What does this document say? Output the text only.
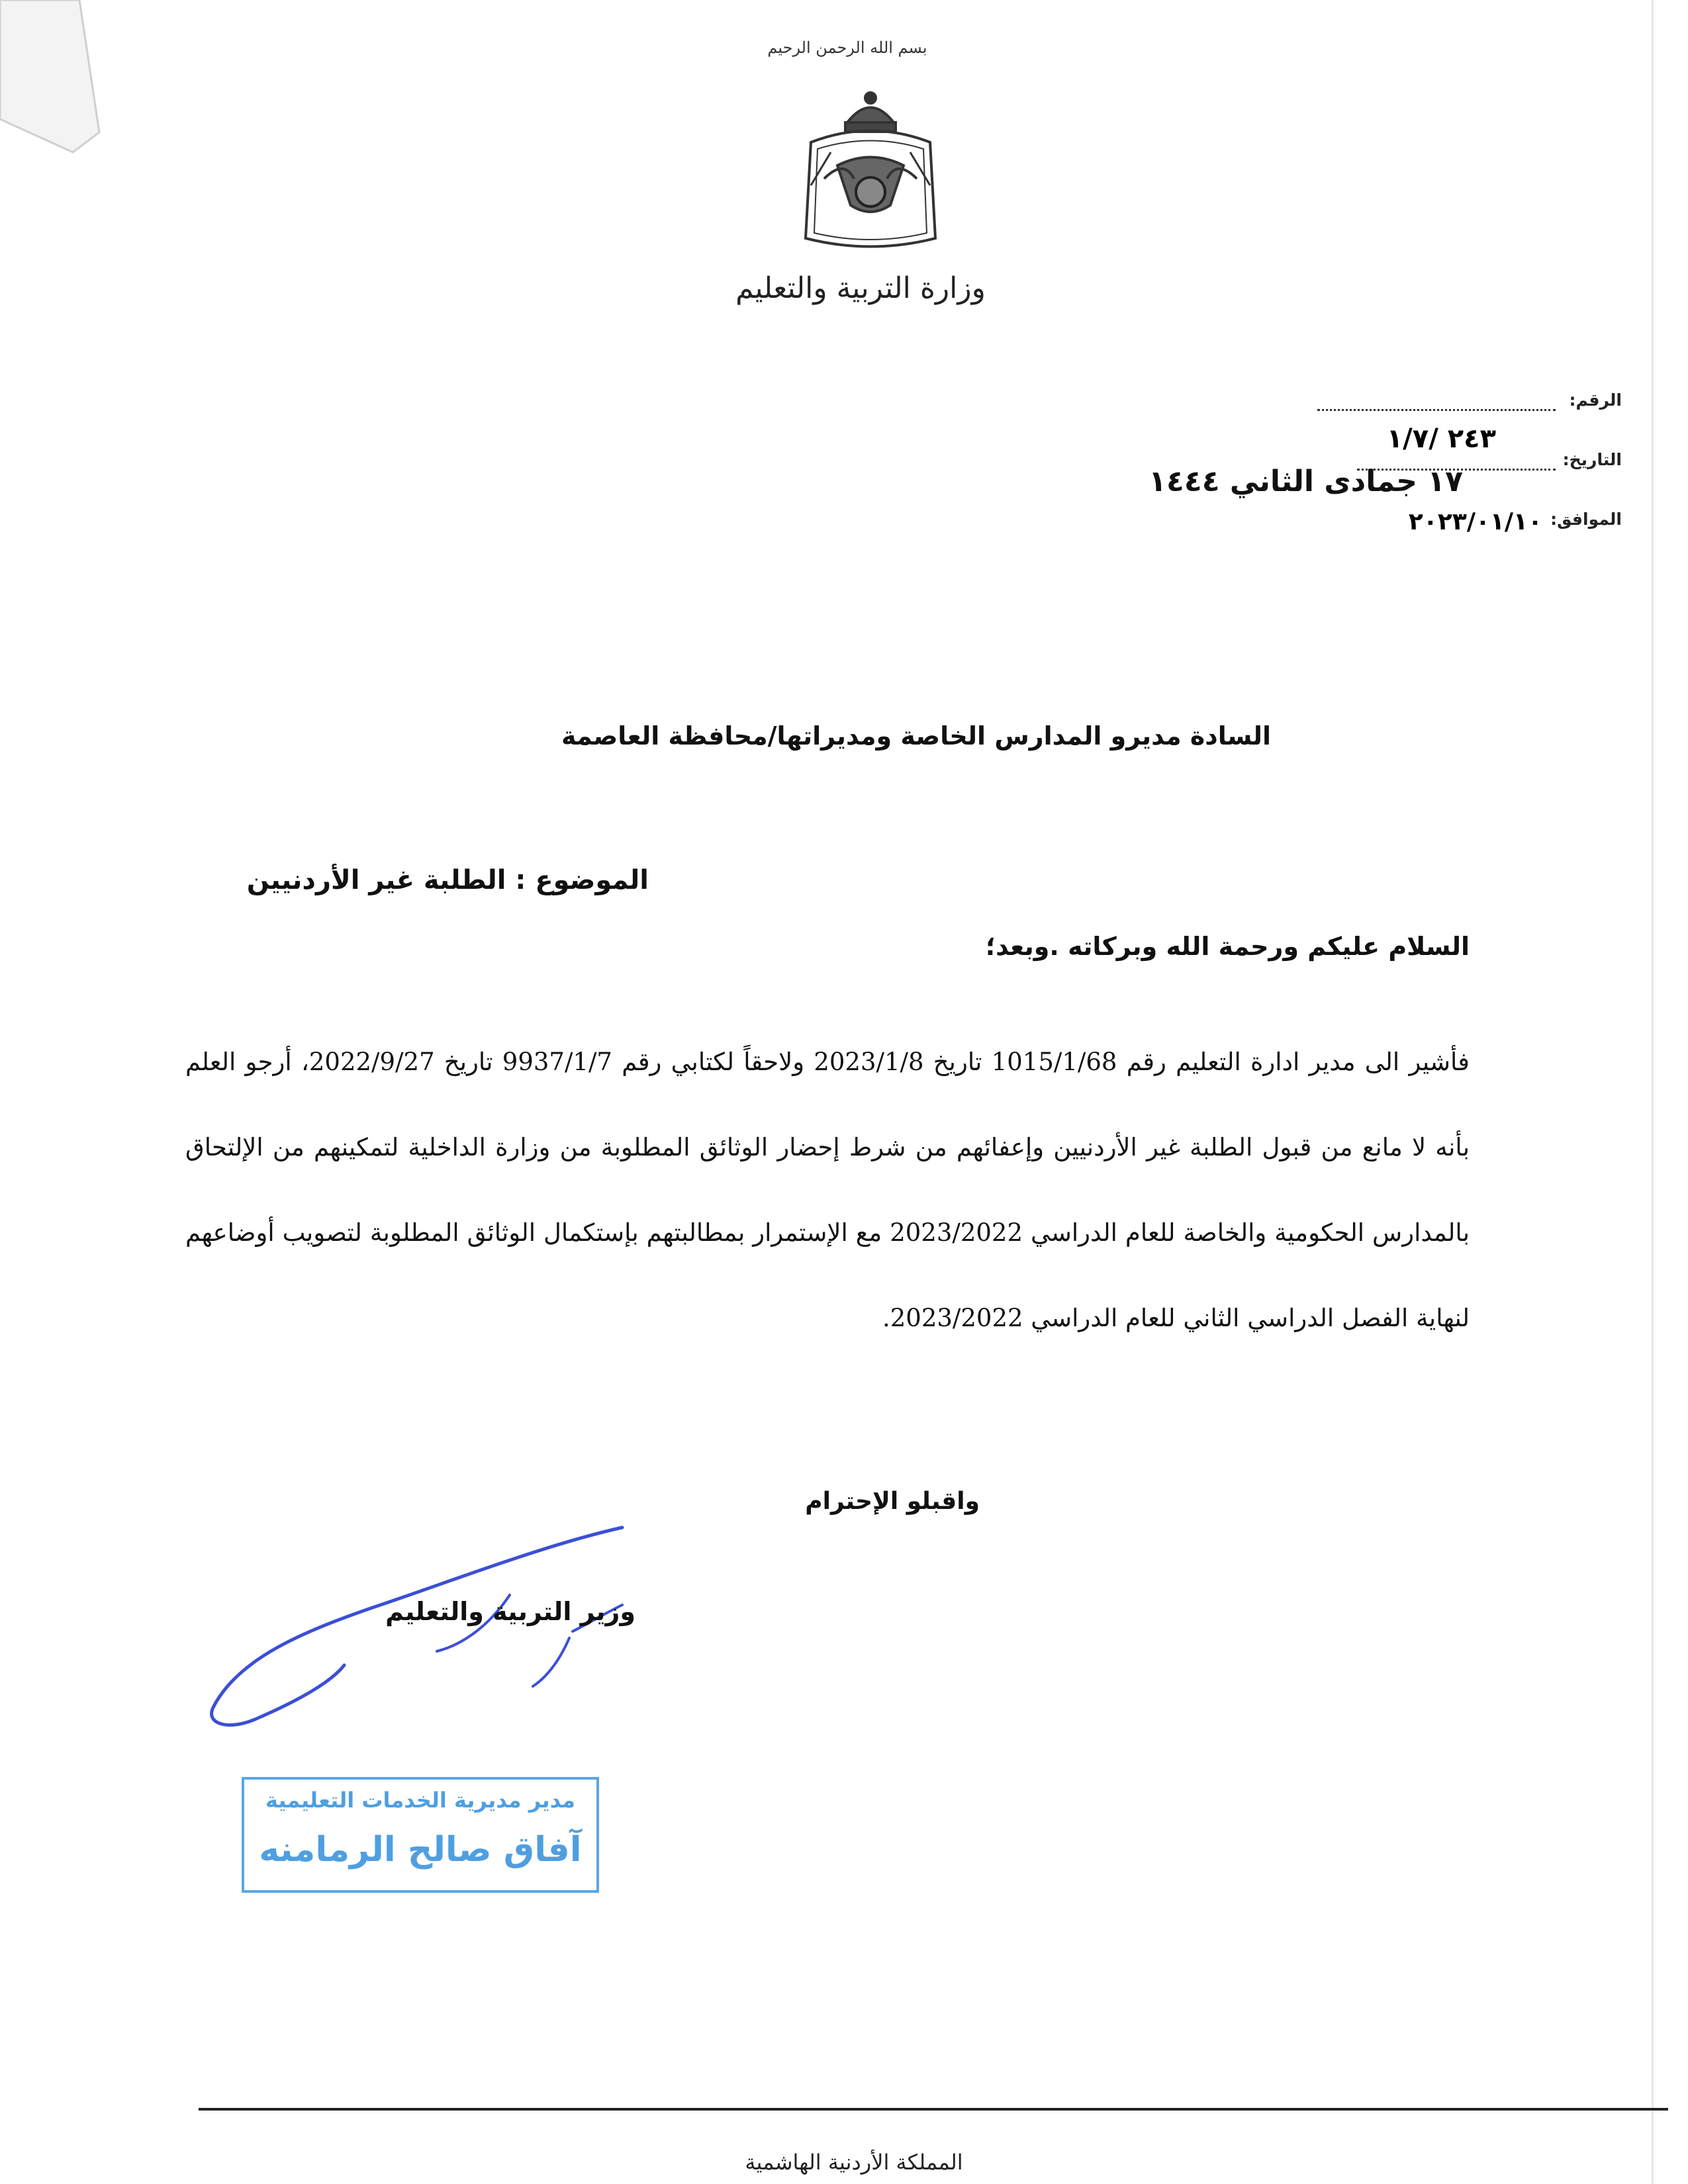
بسم الله الرحمن الرحيم
وزارة التربية والتعليم
الرقم:
٢٤٣ /١/٧
التاريخ:
١٧ جمادى الثاني ١٤٤٤
الموافق:
٢٠٢٣/٠١/١٠
السادة مديرو المدارس الخاصة ومديراتها/محافظة العاصمة
الموضوع : الطلبة غير الأردنيين
السلام عليكم ورحمة الله وبركاته .وبعد؛
فأشير الى مدير ادارة التعليم رقم 1015/1/68 تاريخ 2023/1/8 ولاحقاً لكتابي رقم 9937/1/7 تاريخ 2022/9/27، أرجو العلم بأنه لا مانع من قبول الطلبة غير الأردنيين وإعفائهم من شرط إحضار الوثائق المطلوبة من وزارة الداخلية لتمكينهم من الإلتحاق بالمدارس الحكومية والخاصة للعام الدراسي 2023/2022 مع الإستمرار بمطالبتهم بإستكمال الوثائق المطلوبة لتصويب أوضاعهم لنهاية الفصل الدراسي الثاني للعام الدراسي 2023/2022.
واقبلو الإحترام
وزير التربية والتعليم
مدير مديرية الخدمات التعليمية
آفاق صالح الرمامنه
المملكة الأردنية الهاشمية
